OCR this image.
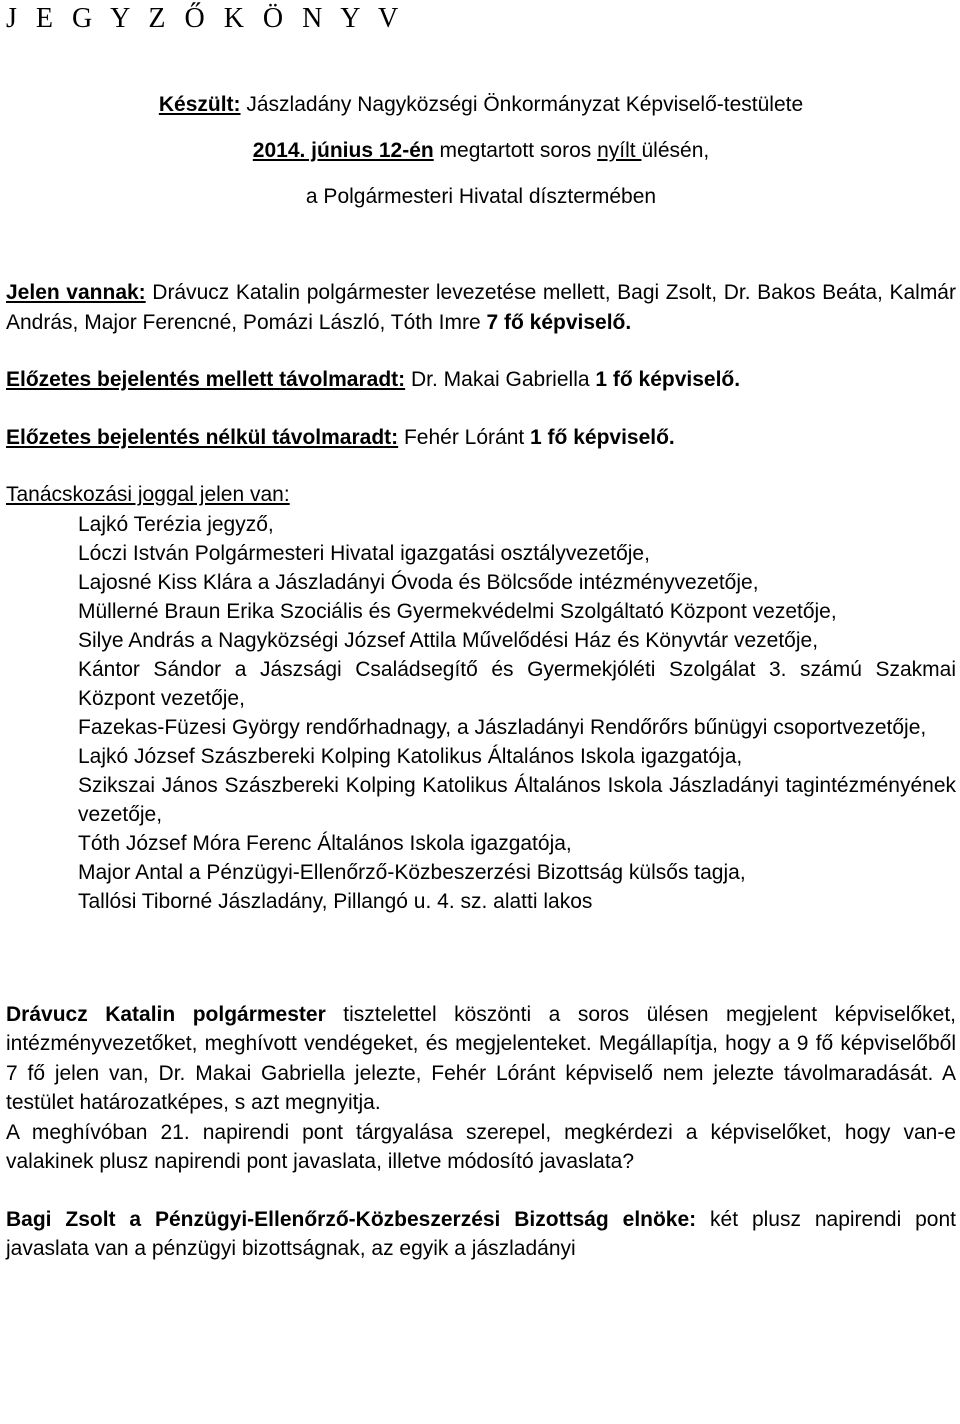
J E G Y Z Ő K Ö N Y V
Készült: Jászladány Nagyközségi Önkormányzat Képviselő-testülete
2014. június 12-én megtartott soros nyílt ülésén,
a Polgármesteri Hivatal dísztermében

Jelen vannak: Drávucz Katalin polgármester levezetése mellett, Bagi Zsolt, Dr. Bakos Beáta, Kalmár András, Major Ferencné, Pomázi László, Tóth Imre 7 fő képviselő.

Előzetes bejelentés mellett távolmaradt: Dr. Makai Gabriella 1 fő képviselő.

Előzetes bejelentés nélkül távolmaradt: Fehér Lóránt 1 fő képviselő.

Tanácskozási joggal jelen van:

Lajkó Terézia jegyző,
Lóczi István Polgármesteri Hivatal igazgatási osztályvezetője,
Lajosné Kiss Klára a Jászladányi Óvoda és Bölcsőde intézményvezetője,
Müllerné Braun Erika Szociális és Gyermekvédelmi Szolgáltató Központ vezetője,
Silye András a Nagyközségi József Attila Művelődési Ház és Könyvtár vezetője,
Kántor Sándor a Jászsági Családsegítő és Gyermekjóléti Szolgálat 3. számú Szakmai Központ vezetője,
Fazekas-Füzesi György rendőrhadnagy, a Jászladányi Rendőrőrs bűnügyi csoportvezetője,
Lajkó József Szászbereki Kolping Katolikus Általános Iskola igazgatója,
Szikszai János Szászbereki Kolping Katolikus Általános Iskola Jászladányi tagintézményének vezetője,
Tóth József Móra Ferenc Általános Iskola igazgatója,
Major Antal a Pénzügyi-Ellenőrző-Közbeszerzési Bizottság külsős tagja,
Tallósi Tiborné Jászladány, Pillangó u. 4. sz. alatti lakos

Drávucz Katalin polgármester tisztelettel köszönti a soros ülésen megjelent képviselőket, intézményvezetőket, meghívott vendégeket, és megjelenteket. Megállapítja, hogy a 9 fő képviselőből 7 fő jelen van, Dr. Makai Gabriella jelezte, Fehér Lóránt képviselő nem jelezte távolmaradását. A testület határozatképes, s azt megnyitja.

A meghívóban 21. napirendi pont tárgyalása szerepel, megkérdezi a képviselőket, hogy van-e valakinek plusz napirendi pont javaslata, illetve módosító javaslata?

Bagi Zsolt a Pénzügyi-Ellenőrző-Közbeszerzési Bizottság elnöke: két plusz napirendi pont javaslata van a pénzügyi bizottságnak, az egyik a jászladányi
